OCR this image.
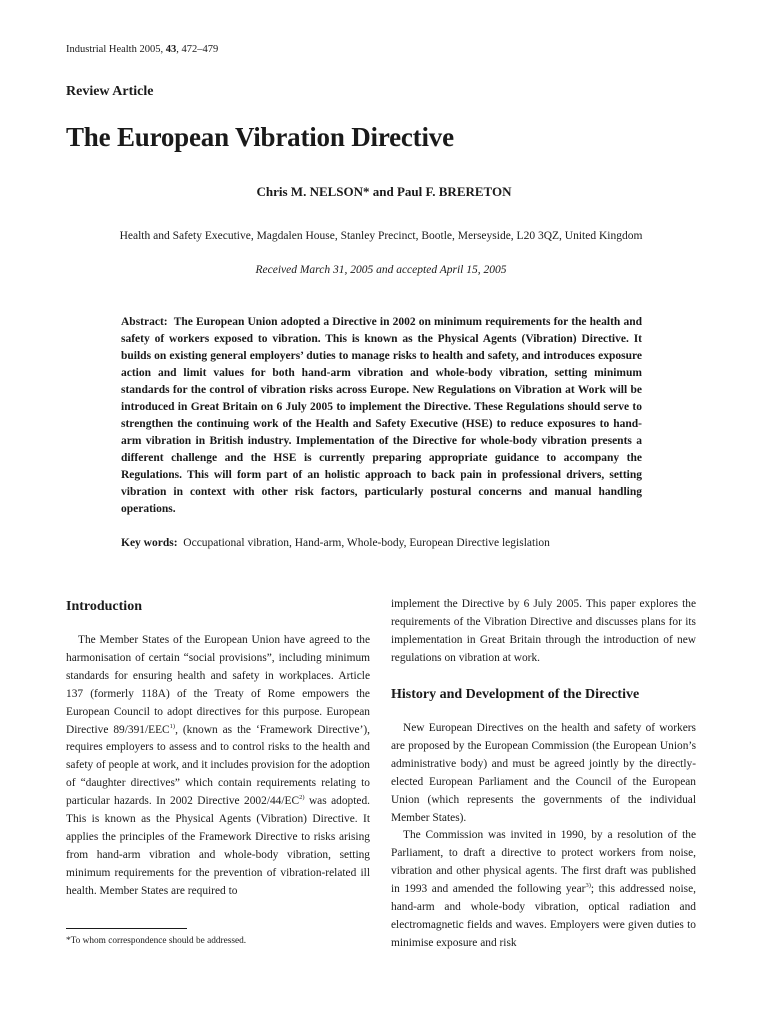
Industrial Health 2005, 43, 472–479
Review Article
The European Vibration Directive
Chris M. NELSON* and Paul F. BRERETON
Health and Safety Executive, Magdalen House, Stanley Precinct, Bootle, Merseyside, L20 3QZ, United Kingdom
Received March 31, 2005 and accepted April 15, 2005
Abstract: The European Union adopted a Directive in 2002 on minimum requirements for the health and safety of workers exposed to vibration. This is known as the Physical Agents (Vibration) Directive. It builds on existing general employers’ duties to manage risks to health and safety, and introduces exposure action and limit values for both hand-arm vibration and whole-body vibration, setting minimum standards for the control of vibration risks across Europe. New Regulations on Vibration at Work will be introduced in Great Britain on 6 July 2005 to implement the Directive. These Regulations should serve to strengthen the continuing work of the Health and Safety Executive (HSE) to reduce exposures to hand-arm vibration in British industry. Implementation of the Directive for whole-body vibration presents a different challenge and the HSE is currently preparing appropriate guidance to accompany the Regulations. This will form part of an holistic approach to back pain in professional drivers, setting vibration in context with other risk factors, particularly postural concerns and manual handling operations.
Key words: Occupational vibration, Hand-arm, Whole-body, European Directive legislation
Introduction

The Member States of the European Union have agreed to the harmonisation of certain “social provisions”, including minimum standards for ensuring health and safety in workplaces. Article 137 (formerly 118A) of the Treaty of Rome empowers the European Council to adopt directives for this purpose. European Directive 89/391/EEC$^{1)}$, (known as the ‘Framework Directive’), requires employers to assess and to control risks to the health and safety of people at work, and it includes provision for the adoption of “daughter directives” which contain requirements relating to particular hazards. In 2002 Directive 2002/44/EC$^{2)}$ was adopted. This is known as the Physical Agents (Vibration) Directive. It applies the principles of the Framework Directive to risks arising from hand-arm vibration and whole-body vibration, setting minimum requirements for the prevention of vibration-related ill health. Member States are required to

implement the Directive by 6 July 2005. This paper explores the requirements of the Vibration Directive and discusses plans for its implementation in Great Britain through the introduction of new regulations on vibration at work.

History and Development of the Directive

New European Directives on the health and safety of workers are proposed by the European Commission (the European Union’s administrative body) and must be agreed jointly by the directly-elected European Parliament and the Council of the European Union (which represents the governments of the individual Member States).

The Commission was invited in 1990, by a resolution of the Parliament, to draft a directive to protect workers from noise, vibration and other physical agents. The first draft was published in 1993 and amended the following year$^{3)}$; this addressed noise, hand-arm and whole-body vibration, optical radiation and electromagnetic fields and waves. Employers were given duties to minimise exposure and risk

*To whom correspondence should be addressed.
